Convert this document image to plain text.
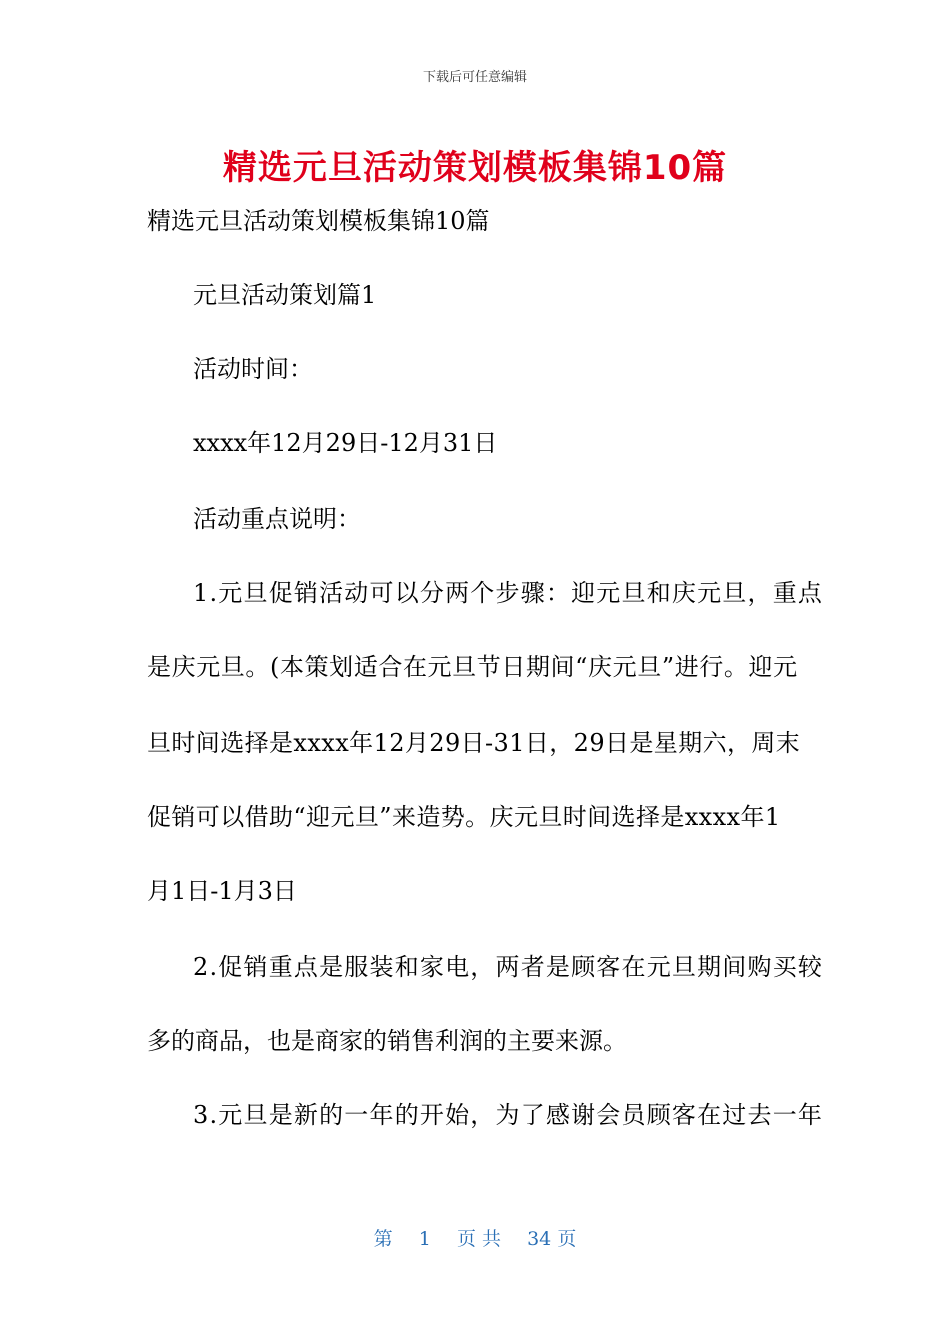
下载后可任意编辑
精选元旦活动策划模板集锦10篇
精选元旦活动策划模板集锦10篇
元旦活动策划篇1
活动时间：
xxxx年12月29日-12月31日
活动重点说明：
1.元旦促销活动可以分两个步骤：迎元旦和庆元旦，重点
是庆元旦。(本策划适合在元旦节日期间“庆元旦”进行。迎元
旦时间选择是xxxx年12月29日-31日，29日是星期六，周末
促销可以借助“迎元旦”来造势。庆元旦时间选择是xxxx年1
月1日-1月3日
2.促销重点是服装和家电，两者是顾客在元旦期间购买较
多的商品，也是商家的销售利润的主要来源。
3.元旦是新的一年的开始，为了感谢会员顾客在过去一年
第 1 页 共 34 页
